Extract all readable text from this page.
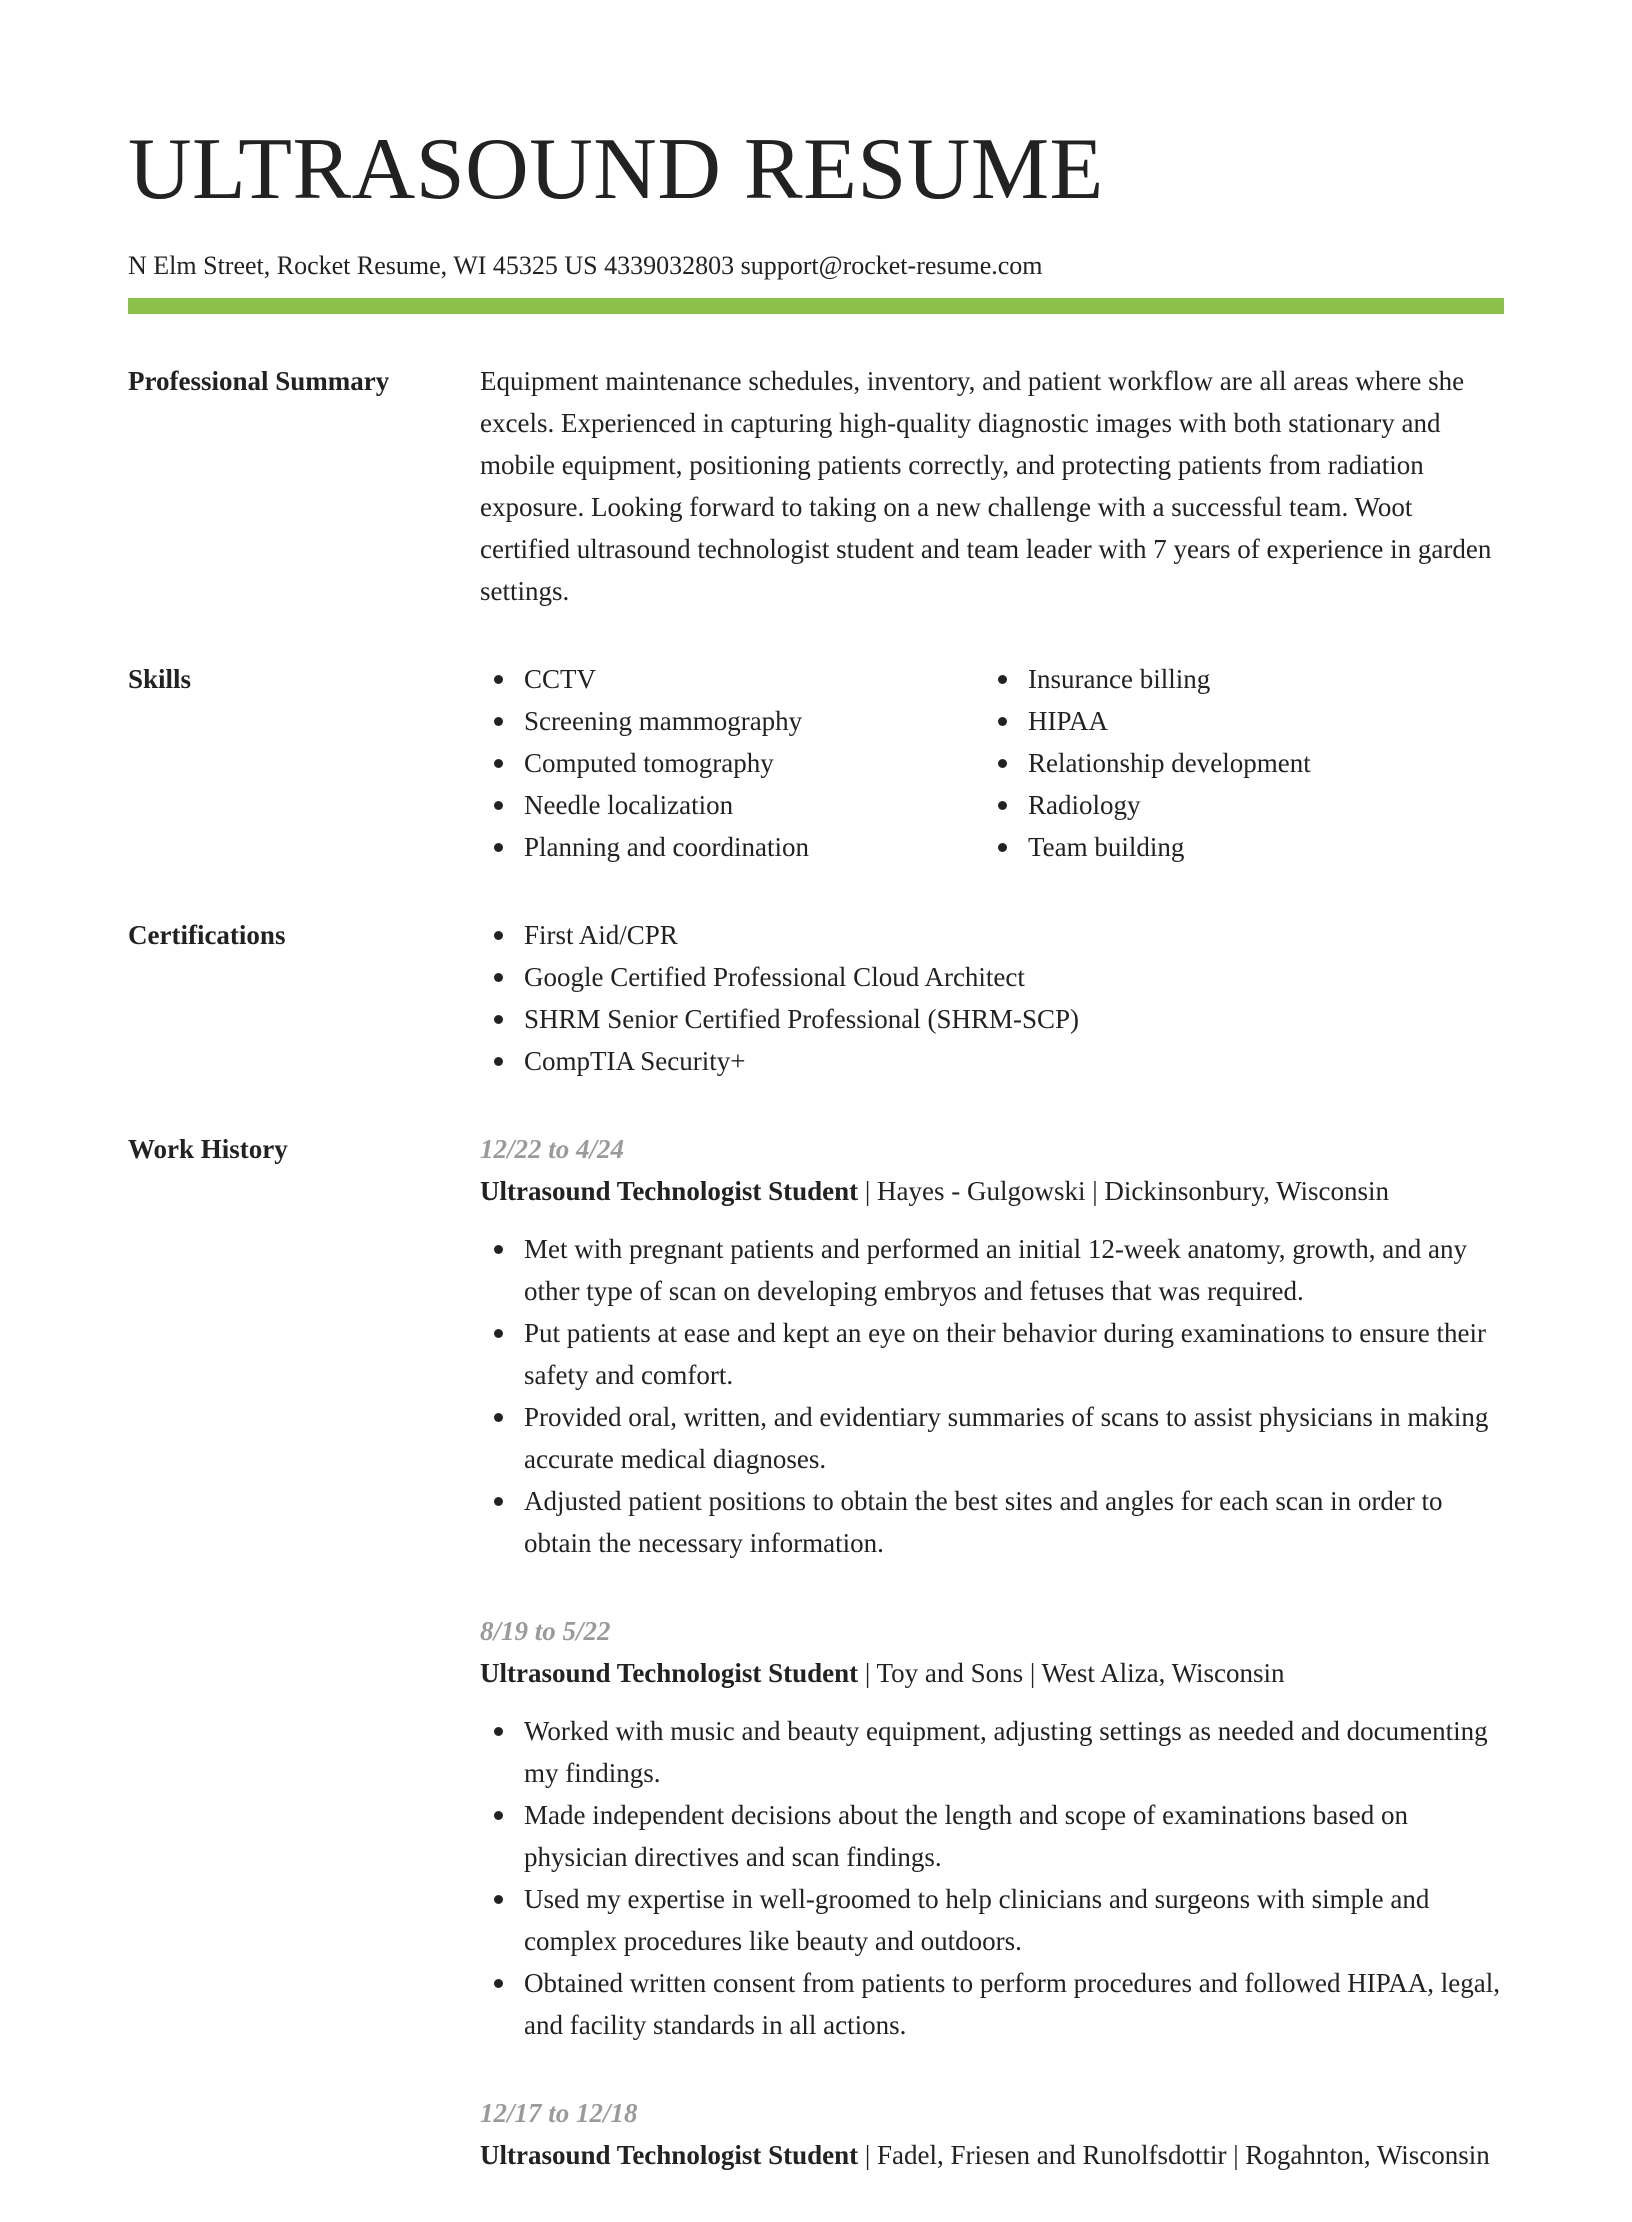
ULTRASOUND RESUME
N Elm Street, Rocket Resume, WI 45325 US 4339032803 support@rocket-resume.com
Professional Summary	Equipment maintenance schedules, inventory, and patient workflow are all areas where she excels. Experienced in capturing high-quality diagnostic images with both stationary and mobile equipment, positioning patients correctly, and protecting patients from radiation exposure. Looking forward to taking on a new challenge with a successful team. Woot certified ultrasound technologist student and team leader with 7 years of experience in garden settings.

Skills	CCTV
Screening mammography
Computed tomography
Needle localization
Planning and coordination
Insurance billing
HIPAA
Relationship development
Radiology
Team building
Certifications	First Aid/CPR
Google Certified Professional Cloud Architect
SHRM Senior Certified Professional (SHRM-SCP)
CompTIA Security+
Work History	12/22 to 4/24
Ultrasound Technologist Student | Hayes - Gulgowski | Dickinsonbury, Wisconsin
Met with pregnant patients and performed an initial 12-week anatomy, growth, and any other type of scan on developing embryos and fetuses that was required.
Put patients at ease and kept an eye on their behavior during examinations to ensure their safety and comfort.
Provided oral, written, and evidentiary summaries of scans to assist physicians in making accurate medical diagnoses.
Adjusted patient positions to obtain the best sites and angles for each scan in order to obtain the necessary information.
8/19 to 5/22
Ultrasound Technologist Student | Toy and Sons | West Aliza, Wisconsin
Worked with music and beauty equipment, adjusting settings as needed and documenting my findings.
Made independent decisions about the length and scope of examinations based on physician directives and scan findings.
Used my expertise in well-groomed to help clinicians and surgeons with simple and complex procedures like beauty and outdoors.
Obtained written consent from patients to perform procedures and followed HIPAA, legal, and facility standards in all actions.
12/17 to 12/18
Ultrasound Technologist Student | Fadel, Friesen and Runolfsdottir | Rogahnton, Wisconsin
